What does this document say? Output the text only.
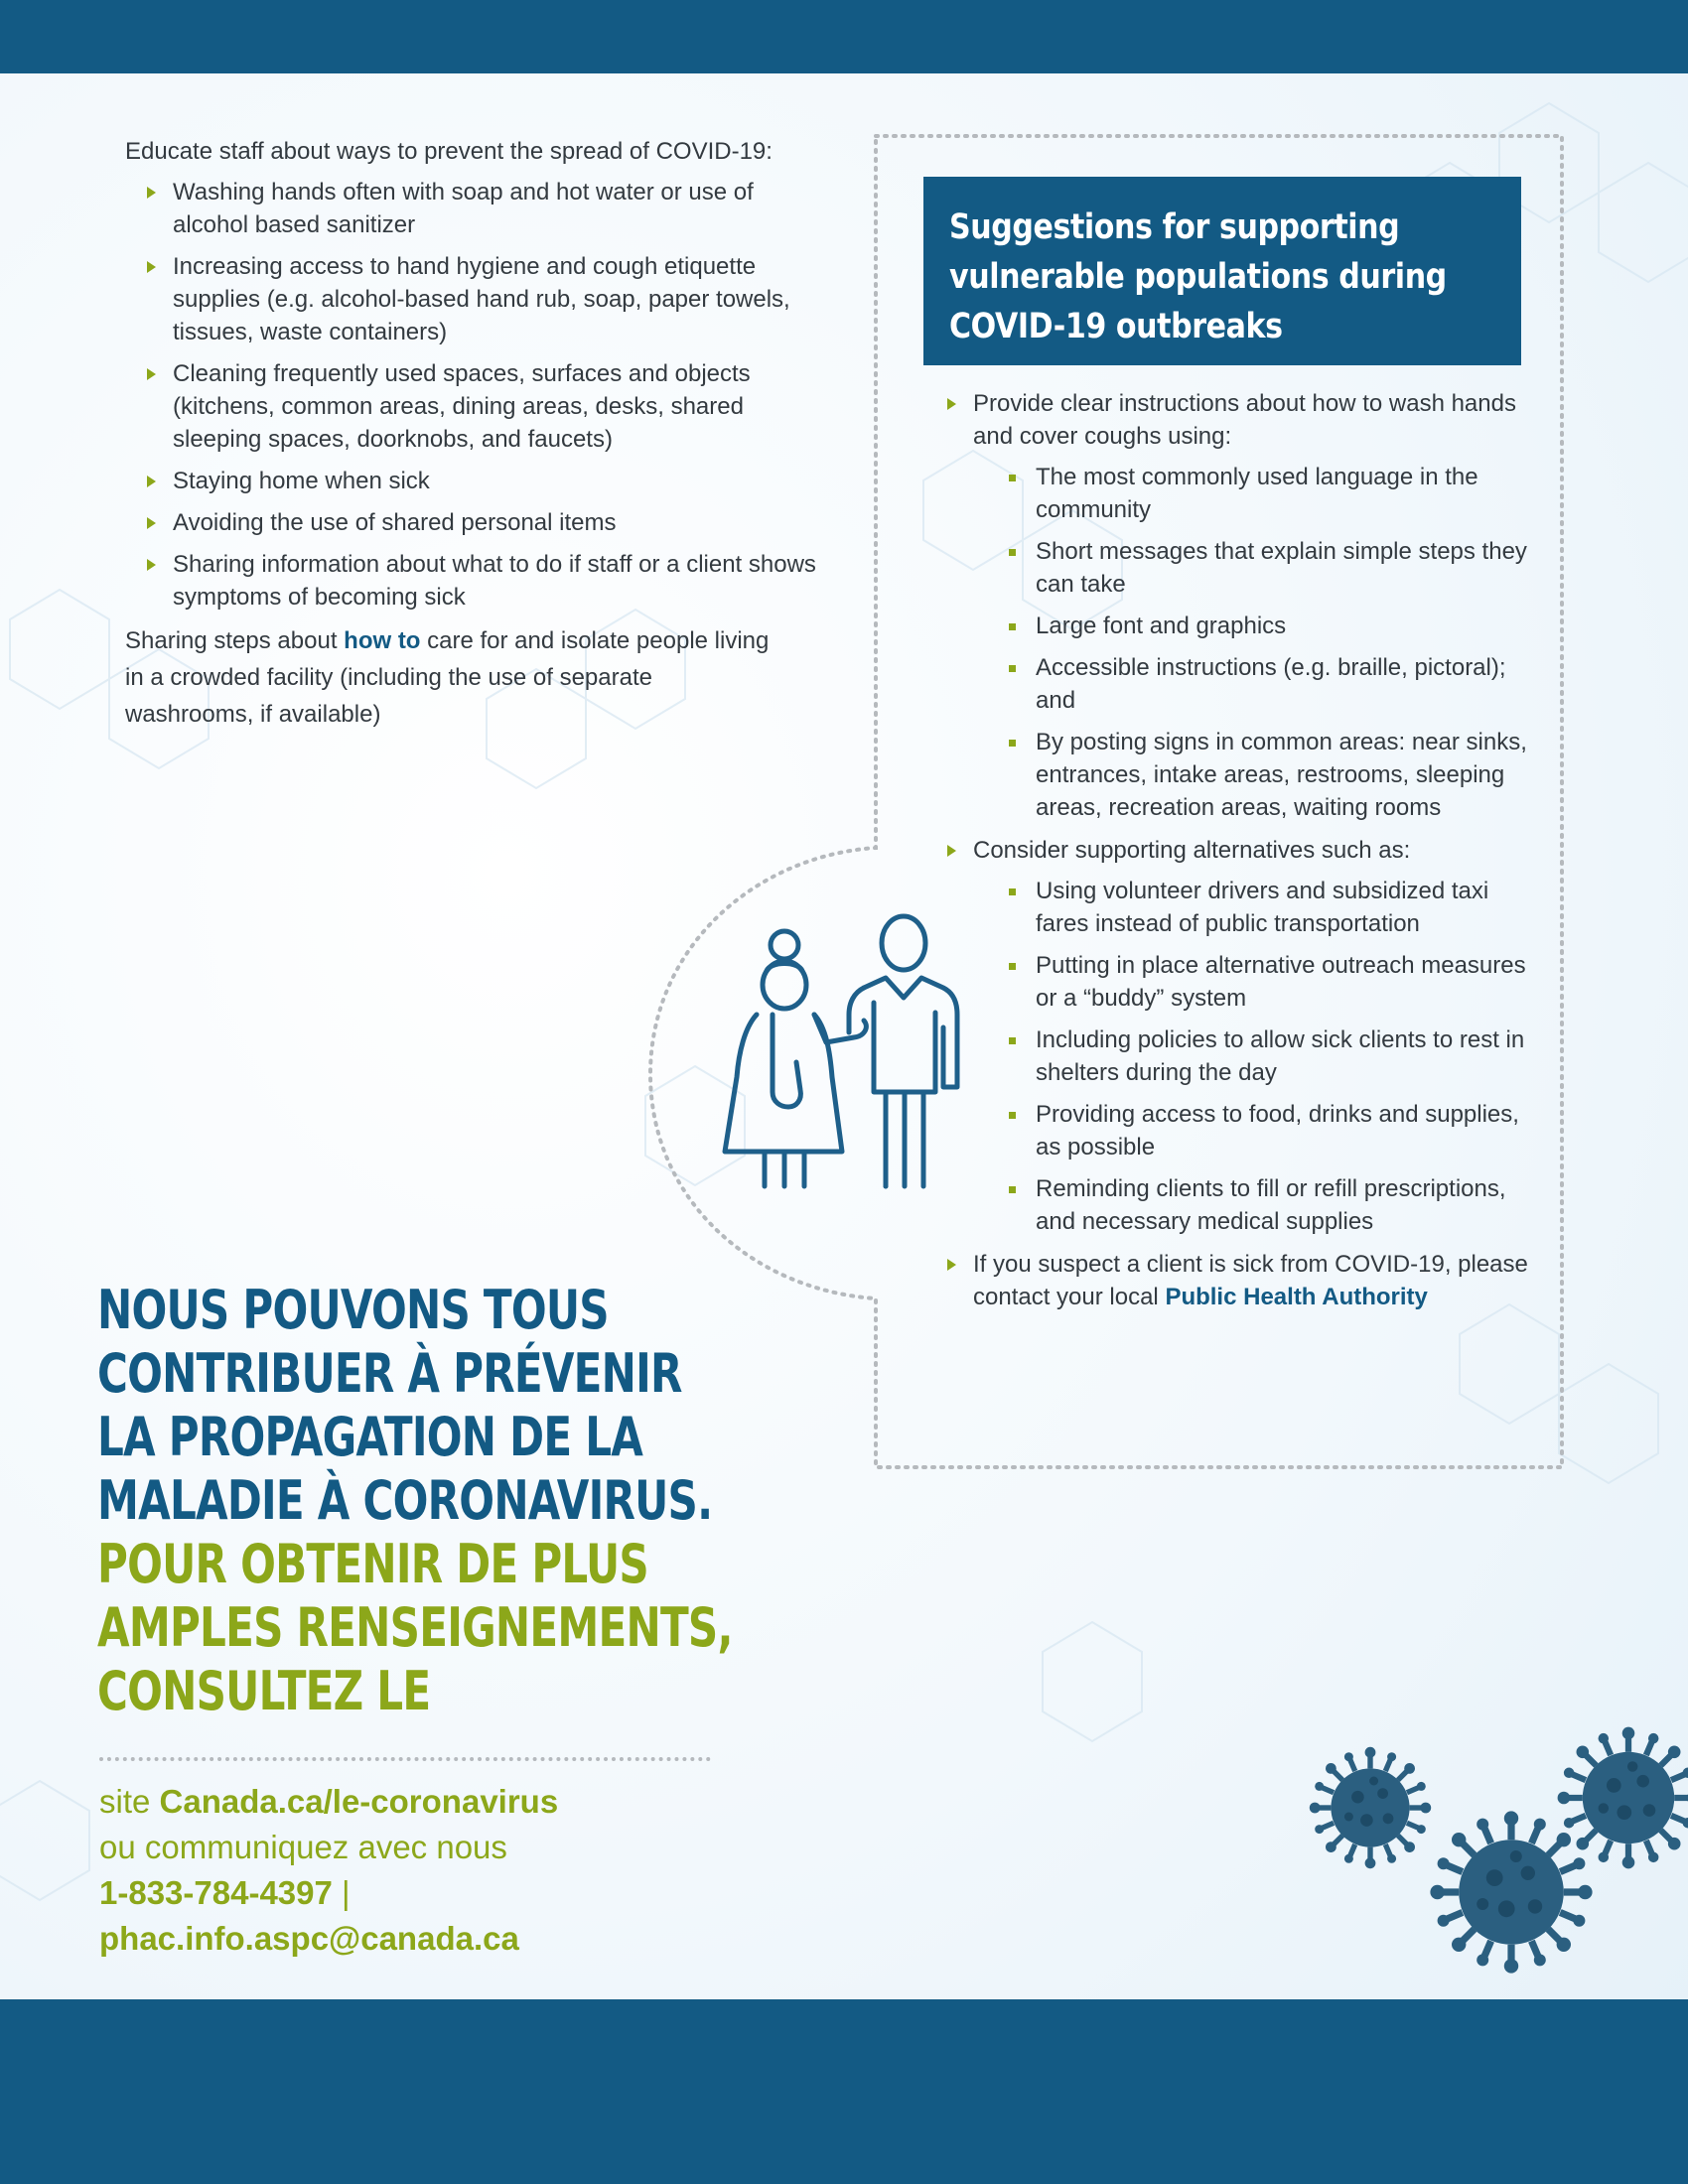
Educate staff about ways to prevent the spread of COVID-19:

Washing hands often with soap and hot water or use of alcohol based sanitizer
Increasing access to hand hygiene and cough etiquette supplies (e.g. alcohol-based hand rub, soap, paper towels, tissues, waste containers)
Cleaning frequently used spaces, surfaces and objects (kitchens, common areas, dining areas, desks, shared sleeping spaces, doorknobs, and faucets)
Staying home when sick
Avoiding the use of shared personal items
Sharing information about what to do if staff or a client shows symptoms of becoming sick

Sharing steps about how to care for and isolate people living in a crowded facility (including the use of separate washrooms, if available)

Suggestions for supporting
vulnerable populations during
COVID-19 outbreaks
Provide clear instructions about how to wash hands and cover coughs using:
The most commonly used language in the community
Short messages that explain simple steps they can take
Large font and graphics
Accessible instructions (e.g. braille, pictoral); and
By posting signs in common areas: near sinks, entrances, intake areas, restrooms, sleeping areas, recreation areas, waiting rooms
Consider supporting alternatives such as:
Using volunteer drivers and subsidized taxi fares instead of public transportation
Putting in place alternative outreach measures or a “buddy” system
Including policies to allow sick clients to rest in shelters during the day
Providing access to food, drinks and supplies, as possible
Reminding clients to fill or refill prescriptions, and necessary medical supplies
If you suspect a client is sick from COVID-19, please contact your local Public Health Authority
NOUS POUVONS TOUS
CONTRIBUER À PRÉVENIR
LA PROPAGATION DE LA
MALADIE À CORONAVIRUS.
POUR OBTENIR DE PLUS
AMPLES RENSEIGNEMENTS,
CONSULTEZ LE
site Canada.ca/le-coronavirus
ou communiquez avec nous
1-833-784-4397 |
phac.info.aspc@canada.ca
